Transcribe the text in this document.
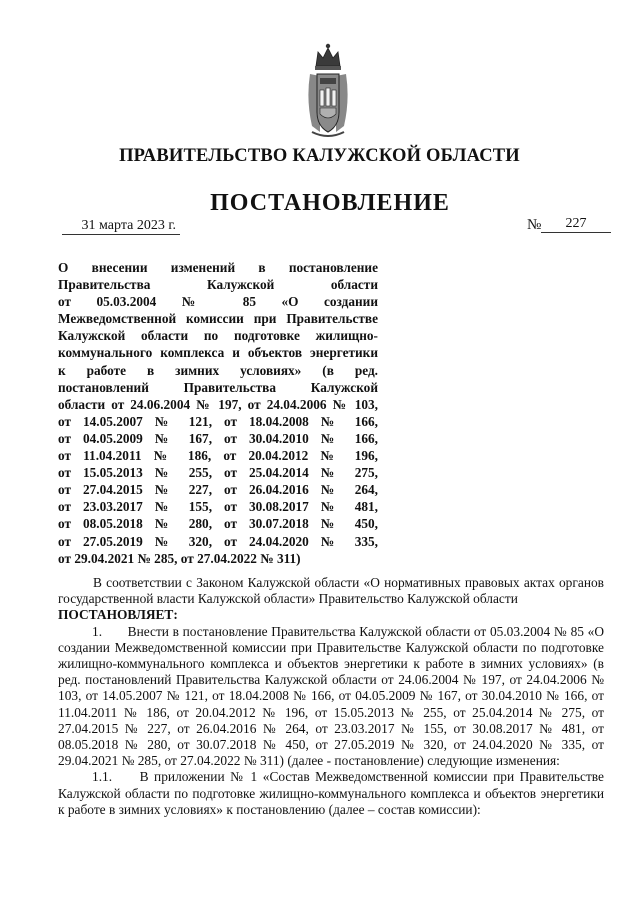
ПРАВИТЕЛЬСТВО КАЛУЖСКОЙ ОБЛАСТИ
ПОСТАНОВЛЕНИЕ
31 марта 2023 г.	№	227
О внесении изменений в постановление
Правительства Калужской области
от 05.03.2004 № 85 «О создании
Межведомственной комиссии при Правительстве
Калужской области по подготовке жилищно-
коммунального комплекса и объектов энергетики
к работе в зимних условиях» (в ред.
постановлений Правительства Калужской
области от 24.06.2004 № 197, от 24.04.2006 № 103,
от 14.05.2007 № 121, от 18.04.2008 № 166,
от 04.05.2009 № 167, от 30.04.2010 № 166,
от 11.04.2011 № 186, от 20.04.2012 № 196,
от 15.05.2013 № 255, от 25.04.2014 № 275,
от 27.04.2015 № 227, от 26.04.2016 № 264,
от 23.03.2017 № 155, от 30.08.2017 № 481,
от 08.05.2018 № 280, от 30.07.2018 № 450,
от 27.05.2019 № 320, от 24.04.2020 № 335,
от 29.04.2021 № 285, от 27.04.2022 № 311)

В соответствии с Законом Калужской области «О нормативных правовых актах органов государственной власти Калужской области» Правительство Калужской области

ПОСТАНОВЛЯЕТ:

1. Внести в постановление Правительства Калужской области от 05.03.2004 № 85 «О создании Межведомственной комиссии при Правительстве Калужской области по подготовке жилищно-коммунального комплекса и объектов энергетики к работе в зимних условиях» (в ред. постановлений Правительства Калужской области от 24.06.2004 № 197, от 24.04.2006 № 103, от 14.05.2007 № 121, от 18.04.2008 № 166, от 04.05.2009 № 167, от 30.04.2010 № 166, от 11.04.2011 № 186, от 20.04.2012 № 196, от 15.05.2013 № 255, от 25.04.2014 № 275, от 27.04.2015 № 227, от 26.04.2016 № 264, от 23.03.2017 № 155, от 30.08.2017 № 481, от 08.05.2018 № 280, от 30.07.2018 № 450, от 27.05.2019 № 320, от 24.04.2020 № 335, от 29.04.2021 № 285, от 27.04.2022 № 311) (далее - постановление) следующие изменения:

1.1. В приложении № 1 «Состав Межведомственной комиссии при Правительстве Калужской области по подготовке жилищно-коммунального комплекса и объектов энергетики к работе в зимних условиях» к постановлению (далее – состав комиссии):
